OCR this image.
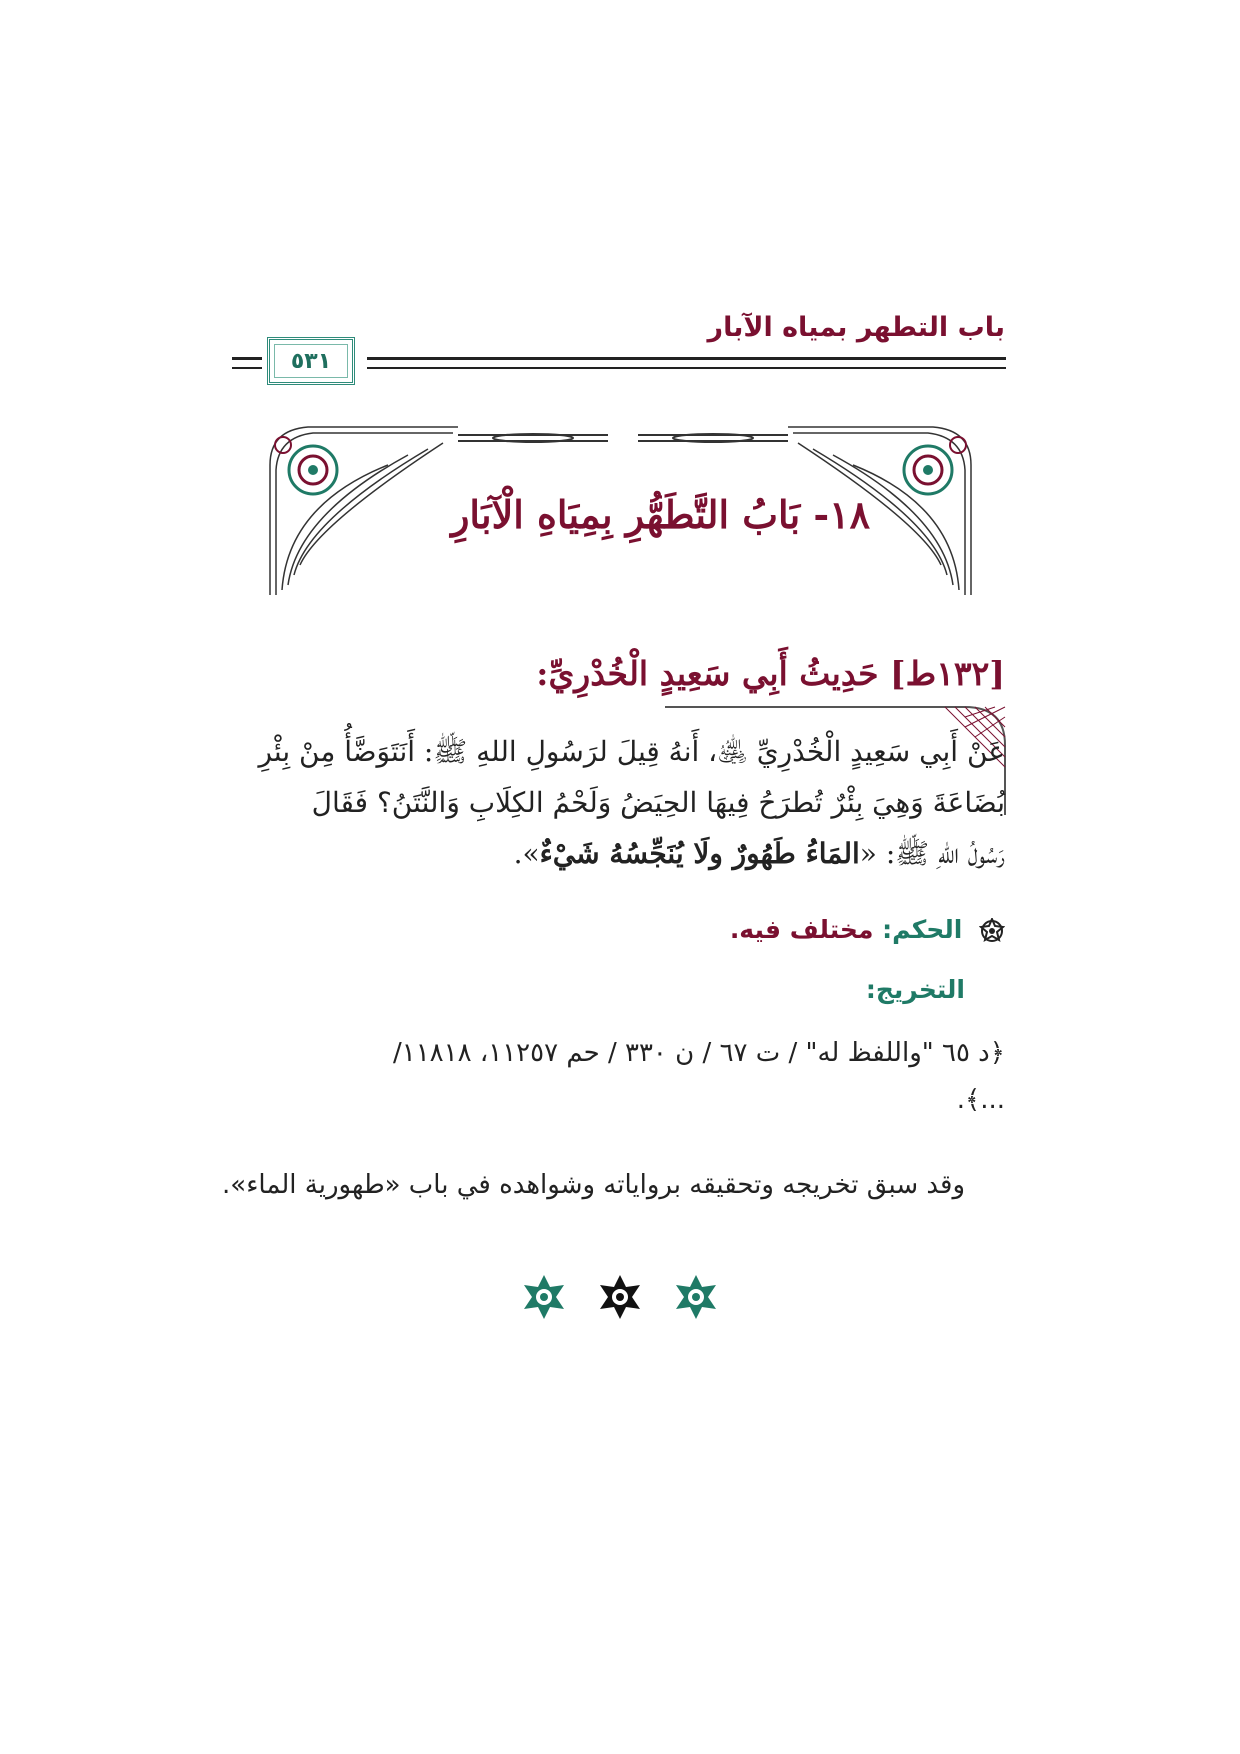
باب التطهر بمياه الآبار
٥٣١
١٨- بَابُ التَّطَهُّرِ بِمِيَاهِ الْآبَارِ
[١٣٢ط] حَدِيثُ أَبِي سَعِيدٍ الْخُدْرِيِّ:
عَنْ أَبِي سَعِيدٍ الْخُدْرِيِّ ﵁، أَنهُ قِيلَ لرَسُولِ اللهِ ﷺ: أَنَتَوَضَّأُ مِنْ بِئْرِ
بُضَاعَةَ وَهِيَ بِئْرٌ تُطرَحُ فِيهَا الحِيَضُ وَلَحْمُ الكِلَابِ وَالنَّتَنُ؟ فَقَالَ
رَسُولُ اللهِ ﷺ: «المَاءُ طَهُورٌ ولَا يُنَجِّسُهُ شَيْءٌ».
الحكم: مختلف فيه.
التخريج:
﴿د ٦٥ "واللفظ له" / ت ٦٧ / ن ٣٣٠ / حم ١١٢٥٧، ١١٨١٨/
...﴾.
وقد سبق تخريجه وتحقيقه برواياته وشواهده في باب «طهورية الماء».
